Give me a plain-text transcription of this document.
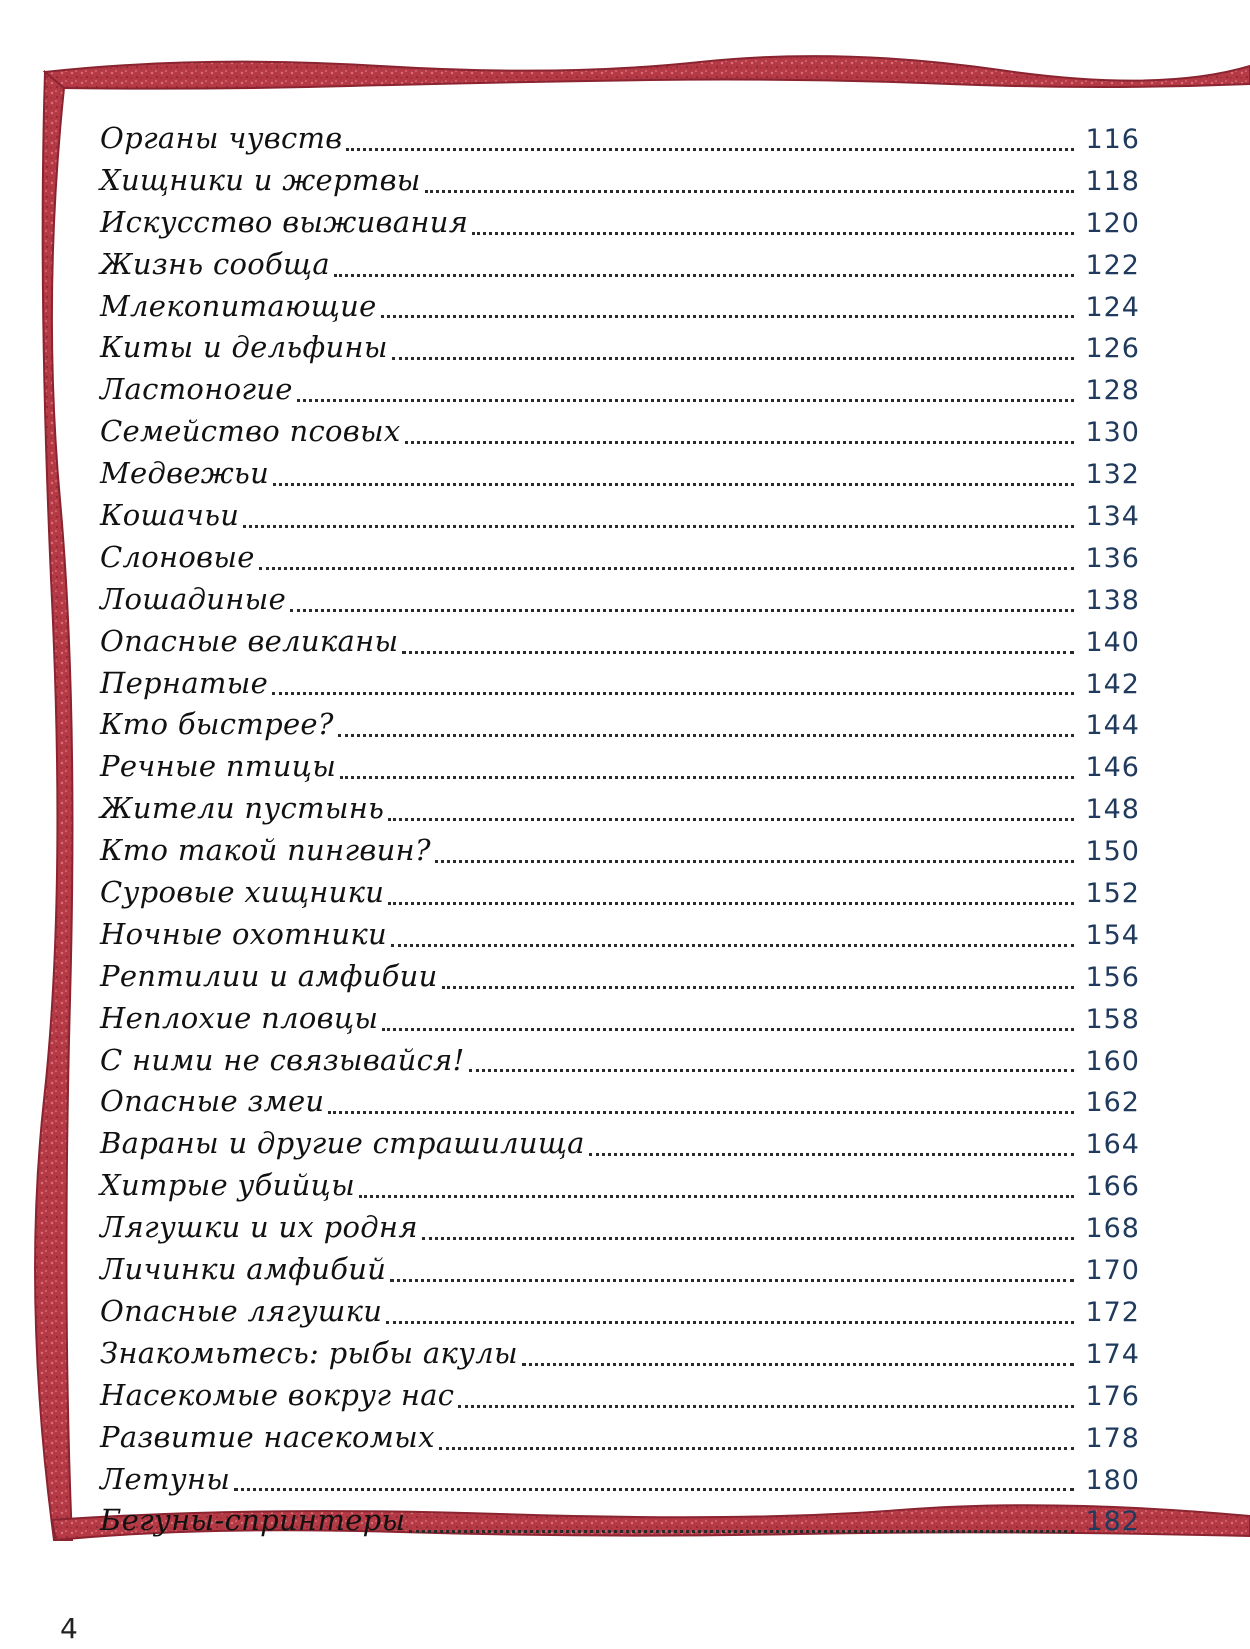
Органы чувств	116
Хищники и жертвы	118
Искусство выживания	120
Жизнь сообща	122
Млекопитающие	124
Киты и дельфины	126
Ластоногие	128
Семейство псовых	130
Медвежьи	132
Кошачьи	134
Слоновые	136
Лошадиные	138
Опасные великаны	140
Пернатые	142
Кто быстрее?	144
Речные птицы	146
Жители пустынь	148
Кто такой пингвин?	150
Суровые хищники	152
Ночные охотники	154
Рептилии и амфибии	156
Неплохие пловцы	158
С ними не связывайся!	160
Опасные змеи	162
Вараны и другие страшилища	164
Хитрые убийцы	166
Лягушки и их родня	168
Личинки амфибий	170
Опасные лягушки	172
Знакомьтесь: рыбы акулы	174
Насекомые вокруг нас	176
Развитие насекомых	178
Летуны	180
Бегуны-спринтеры	182
4
